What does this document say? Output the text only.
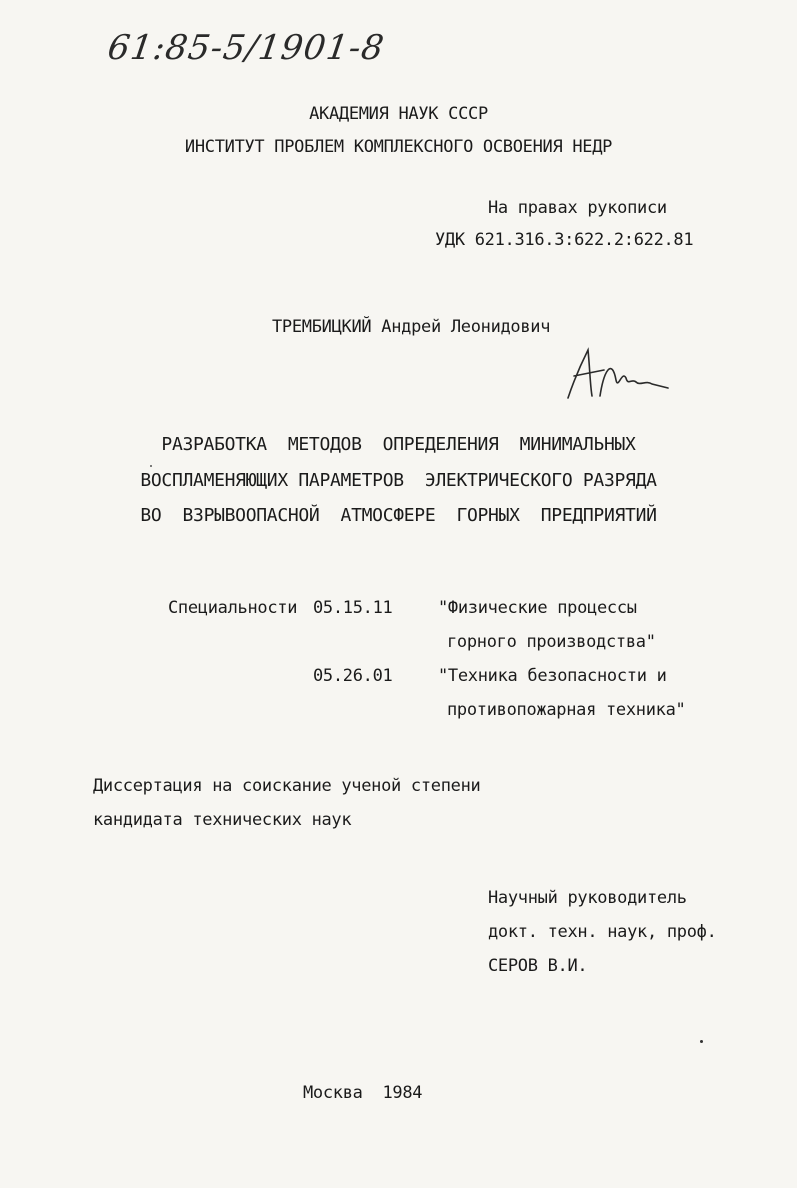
61:85-5/1901-8
АКАДЕМИЯ НАУК СССР
ИНСТИТУТ ПРОБЛЕМ КОМПЛЕКСНОГО ОСВОЕНИЯ НЕДР
На правах рукописи
УДК 621.316.3:622.2:622.81
ТРЕМБИЦКИЙ Андрей Леонидович
РАЗРАБОТКА  МЕТОДОВ  ОПРЕДЕЛЕНИЯ  МИНИМАЛЬНЫХ
ВОСПЛАМЕНЯЮЩИХ ПАРАМЕТРОВ  ЭЛЕКТРИЧЕСКОГО РАЗРЯДА
ВО  ВЗРЫВООПАСНОЙ  АТМОСФЕРЕ  ГОРНЫХ  ПРЕДПРИЯТИЙ
Специальности 05.15.11	"Физические процессы
горного производства"
05.26.01	"Техника безопасности и
противопожарная техника"
Диссертация на соискание ученой степени
кандидата технических наук
Научный руководитель
докт. техн. наук, проф.
СЕРОВ В.И.
Москва  1984
